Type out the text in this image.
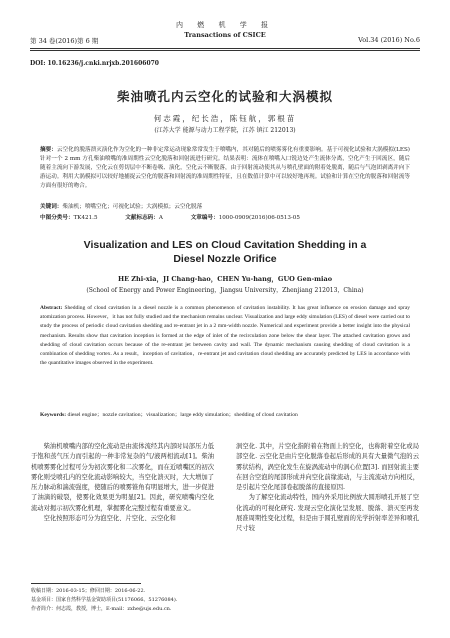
第 34 卷(2016)第 6 期
内 燃 机 学 报
Transactions of CSICE
Vol.34 (2016) No.6
DOI: 10.16236/j.cnki.nrjxb.201606070
柴油喷孔内云空化的试验和大涡模拟
何志霞，纪长浩，陈钰航，郭根苗
(江苏大学 能源与动力工程学院，江苏 镇江 212013)
摘要：云空化的脱落溃灭演化作为空化的一种非定常运动现象常常发生于喷嘴内，其对随后的喷雾雾化有重要影响。基于可视化试验和大涡模拟(LES)针对一个 2 mm 方孔柴油喷嘴的准周期性云空化脱落和回射流进行研究。结果表明：流体在喷嘴入口锐边处产生流体分离，空化产生于回流区，随后随着主流向下游发展，空化云在剪切层中不断卷吸、演化，空化云不断脱落，由于回射流动使其从与喷孔壁面的附着处脱离，随后与气泡团剥离并向下游运动。利用大涡模拟可以较好地捕捉云空化的脱落和回射流的准周期性特征，且在数值计算中可以较好地再现。试验和计算在空化的脱落和回射流等方面有很好的吻合。
关键词：柴油机；喷嘴空化；可视化试验；大涡模拟；云空化脱落
中图分类号：TK421.5	文献标志码：A	文章编号：1000-0909(2016)06-0513-05
Visualization and LES on Cloud Cavitation Shedding in a
Diesel Nozzle Orifice
HE Zhi-xia，JI Chang-hao，CHEN Yu-hang，GUO Gen-miao
(School of Energy and Power Engineering，Jiangsu University，Zhenjiang 212013，China)
Abstract: Shedding of cloud cavitation in a diesel nozzle is a common phenomenon of cavitation instability. It has great influence on erosion damage and spray atomization process. However，it has not fully studied and the mechanism remains unclear. Visualization and large eddy simulation (LES) of diesel were carried out to study the process of periodic cloud cavitation shedding and re-entrant jet in a 2 mm-width nozzle. Numerical and experiment provide a better insight into the physical mechanism. Results show that cavitation inception is formed at the edge of inlet of the recirculation zone below the shear layer. The attached cavitation grows and shedding of cloud cavitation occurs because of the re-entrant jet between cavity and wall. The dynamic mechanism causing shedding of cloud cavitation is a combination of shedding vortex. As a result，inception of cavitation，re-entrant jet and cavitation cloud shedding are accurately predicted by LES in accordance with the quantitative images observed in the experiment.
Keywords: diesel engine；nozzle cavitation；visualization；large eddy simulation；shedding of cloud cavitation

柴油机喷嘴内部的空化流动是由流体流经其内部时局部压力低于饱和蒸气压力而引起的一种非常复杂的气/液两相流动[1]。柴油机喷雾雾化过程可分为初次雾化和二次雾化，而在近喷嘴区的初次雾化则受喷孔内的空化流动影响较大，当空化溃灭时，大大增加了压力脉动和湍流强度，使随后的喷雾锥角有明显增大，进一步促进了油滴的破裂，使雾化效果更为明显[2]。因此，研究喷嘴内空化流动对揭示初次雾化机理，掌握雾化完整过程有重要意义。

空化按照形态可分为泡空化、片空化、云空化和

涡空化. 其中，片空化指附着在物面上的空化，也称附着空化或局部空化. 云空化是由片空化脱落卷起后形成的具有大量微气泡的云雾状结构，涡空化发生在旋涡流动中的涡心位置[3]. 而回射流主要在回合空泡的尾部形成并向空化前缘流动，与主流流动方向相反，是引起片空化尾部卷起脱落的直接原因.

为了解空化流动特性，国内外采用比例放大圆形喷孔开展了空化流动的可视化研究. 发现云空化演化呈发展、脱落、溃灭至再发展准周期性变化过程，但是由于圆孔壁面的光学折射率差异和喷孔尺寸较

收稿日期：2016-03-15；修回日期：2016-06-22.
基金项目：国家自然科学基金资助项目(51176066、51276084).
作者简介：何志霞，教授，博士，E-mail：zxhe@ujs.edu.cn.
